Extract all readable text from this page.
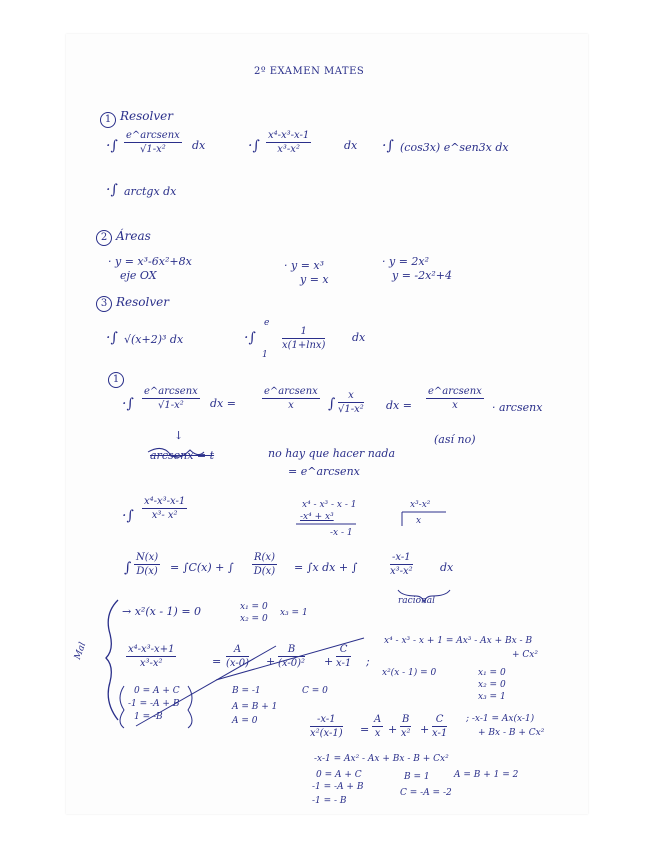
2º EXAMEN MATES
1 Resolver
·∫
e^arcsenx
√1-x²	dx	·∫ $\frac{\text{x⁴-x³-x-1}}{\text{x³-x²}}$	dx ·∫ (cos3x) e^sen3x dx
·∫ arctgx dx
2 Áreas
· y = x³-6x²+8x
eje OX
· y = x³
y = x
· y = 2x²
y = -2x²+4
3 Resolver
·∫ √(x+2)³ dx	·∫
e
1
$\frac{1}{x(1+\ln x)}$ dx
1
·∫
e^arcsenx
√1-x²	dx =
e^arcsenx
x	∫ $\frac{x}{\text{√1-x²}}$ dx =
e^arcsenx
x	· arcsenx
(así no)
↓
arcsenx = t	no hay que hacer nada
= e^arcsenx
·∫ $\frac{\text{x⁴-x³-x-1}}{\text{x³- x²}}$	x⁴ - x³ - x - 1
-x⁴ + x³
-x - 1
x³-x²
x
∫ $\frac{N(x)}{D(x)} = \int C(x)$ + ∫ $\frac{R(x)}{D(x)} = \int x$ dx + ∫	$\frac{-x-1}{\text{x³-x²}}$ dx
racional
Mal
→ x²(x - 1) = 0	x₁ = 0
x₂ = 0
x₃ = 1
$\frac{\text{x⁴-x³-x+1}}{\text{x³-x²}}$	= $\frac{A}{(x-0)} + \frac{B}{\text{(x-0)²}} + \frac{C}{x-1}$ ;
x⁴ - x³ - x + 1 = Ax³ - Ax + Bx - B
+ Cx²
x²(x - 1) = 0	x₁ = 0
x₂ = 0
x₃ = 1
0 = A + C
-1 = -A + B
1 = -B
B = -1
A = B + 1
A = 0
C = 0
$\frac{-x-1}{\text{x²(x-1)}} = \frac{A}{x} + \frac{B}{\text{x²}} + \frac{C}{x-1}$ ; -x-1 = Ax(x-1)
+ Bx - B + Cx²
-x-1 = Ax² - Ax + Bx - B + Cx²
0 = A + C
-1 = -A + B
-1 = - B
B = 1	A = B + 1 = 2
C = -A = -2
